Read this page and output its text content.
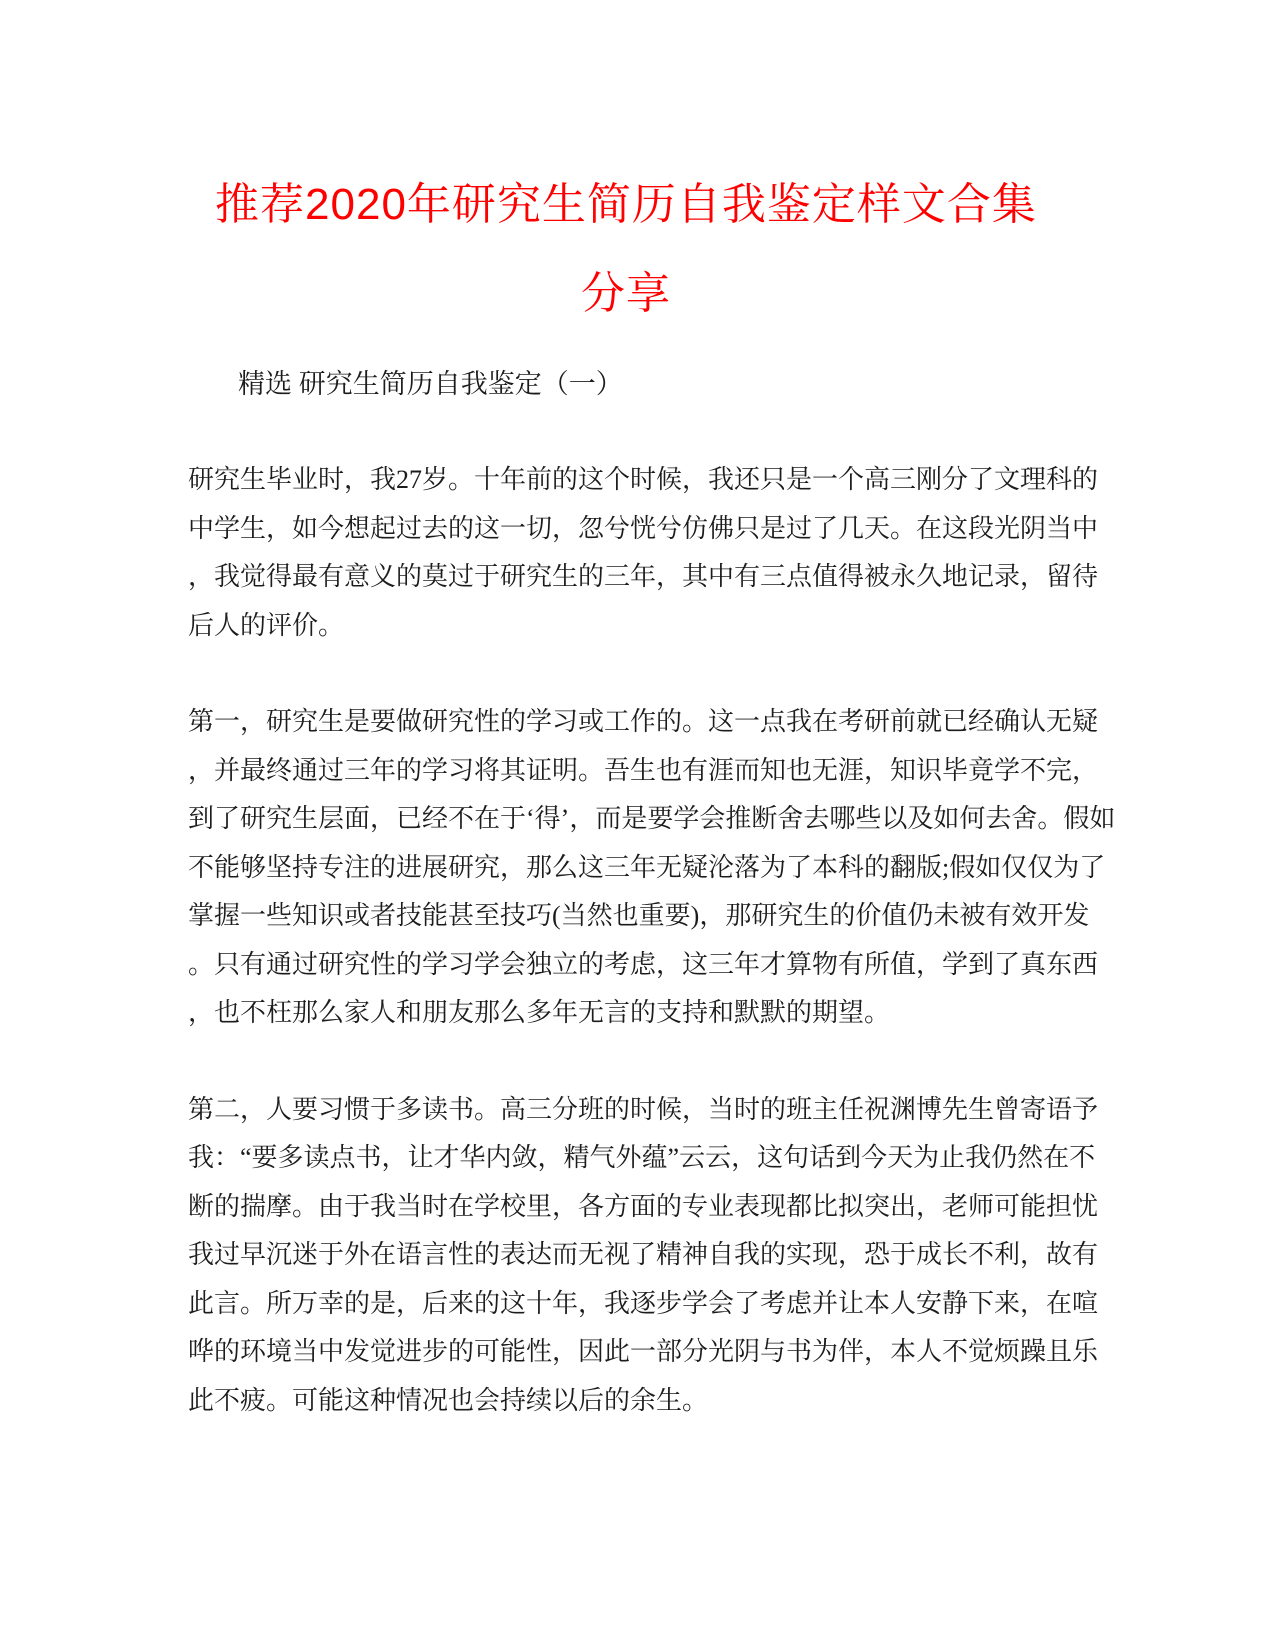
推荐2020年研究生简历自我鉴定样文合集
分享
精选 研究生简历自我鉴定（一）
研究生毕业时，我27岁。十年前的这个时候，我还只是一个高三刚分了文理科的
中学生，如今想起过去的这一切，忽兮恍兮仿佛只是过了几天。在这段光阴当中
，我觉得最有意义的莫过于研究生的三年，其中有三点值得被永久地记录，留待
后人的评价。
第一，研究生是要做研究性的学习或工作的。这一点我在考研前就已经确认无疑
，并最终通过三年的学习将其证明。吾生也有涯而知也无涯，知识毕竟学不完，
到了研究生层面，已经不在于‘得’，而是要学会推断舍去哪些以及如何去舍。假如
不能够坚持专注的进展研究，那么这三年无疑沦落为了本科的翻版;假如仅仅为了
掌握一些知识或者技能甚至技巧(当然也重要)，那研究生的价值仍未被有效开发
。只有通过研究性的学习学会独立的考虑，这三年才算物有所值，学到了真东西
，也不枉那么家人和朋友那么多年无言的支持和默默的期望。
第二，人要习惯于多读书。高三分班的时候，当时的班主任祝渊博先生曾寄语予
我：“要多读点书，让才华内敛，精气外蕴”云云，这句话到今天为止我仍然在不
断的揣摩。由于我当时在学校里，各方面的专业表现都比拟突出，老师可能担忧
我过早沉迷于外在语言性的表达而无视了精神自我的实现，恐于成长不利，故有
此言。所万幸的是，后来的这十年，我逐步学会了考虑并让本人安静下来，在喧
哗的环境当中发觉进步的可能性，因此一部分光阴与书为伴，本人不觉烦躁且乐
此不疲。可能这种情况也会持续以后的余生。
